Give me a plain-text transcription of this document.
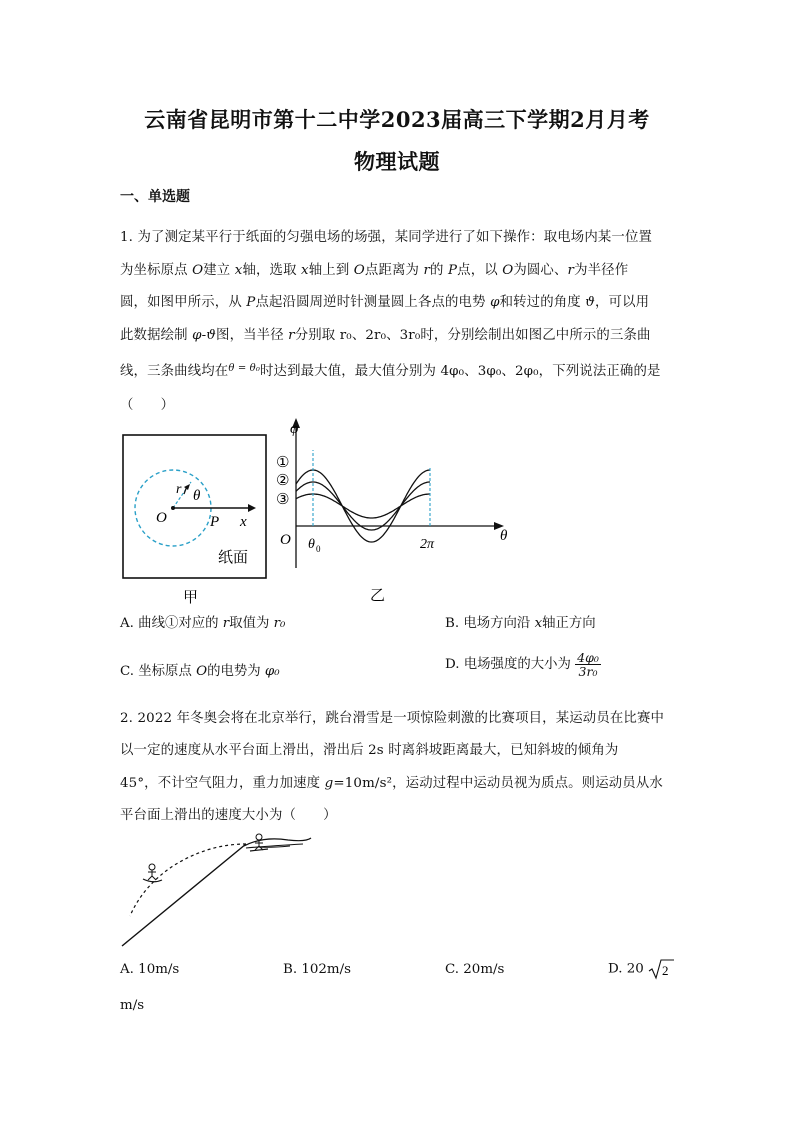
云南省昆明市第十二中学2023届高三下学期2月月考
物理试题
一、单选题
1. 为了测定某平行于纸面的匀强电场的场强，某同学进行了如下操作：取电场内某一位置
为坐标原点 O建立 x轴，选取 x轴上到 O点距离为 r的 P点，以 O为圆心、r为半径作
圆，如图甲所示，从 P点起沿圆周逆时针测量圆上各点的电势 φ和转过的角度 ϑ，可以用
此数据绘制 φ-ϑ图，当半径 r分别取 r₀、2r₀、3r₀时，分别绘制出如图乙中所示的三条曲
线，三条曲线均在$^{\theta = \theta_0}$时达到最大值，最大值分别为 4φ₀、3φ₀、2φ₀，下列说法正确的是
（　　）
O
r θ
P x
纸面
甲
φ
θ
O θ 0	2π
①
②
③
乙
A. 曲线①对应的 r取值为 r₀	B. 电场方向沿 x轴正方向
C. 坐标原点 O的电势为 φ₀	D. 电场强度的大小为 $\frac{\text{4φ₀}}{\text{3r₀}}$
2. 2022 年冬奥会将在北京举行，跳台滑雪是一项惊险刺激的比赛项目，某运动员在比赛中
以一定的速度从水平台面上滑出，滑出后 2s 时离斜坡距离最大，已知斜坡的倾角为
45°，不计空气阻力，重力加速度 g=10m/s²，运动过程中运动员视为质点。则运动员从水
平台面上滑出的速度大小为（　　）
A. 10m/s	B. 102m/s	C. 20m/s	D. 20 2
m/s
